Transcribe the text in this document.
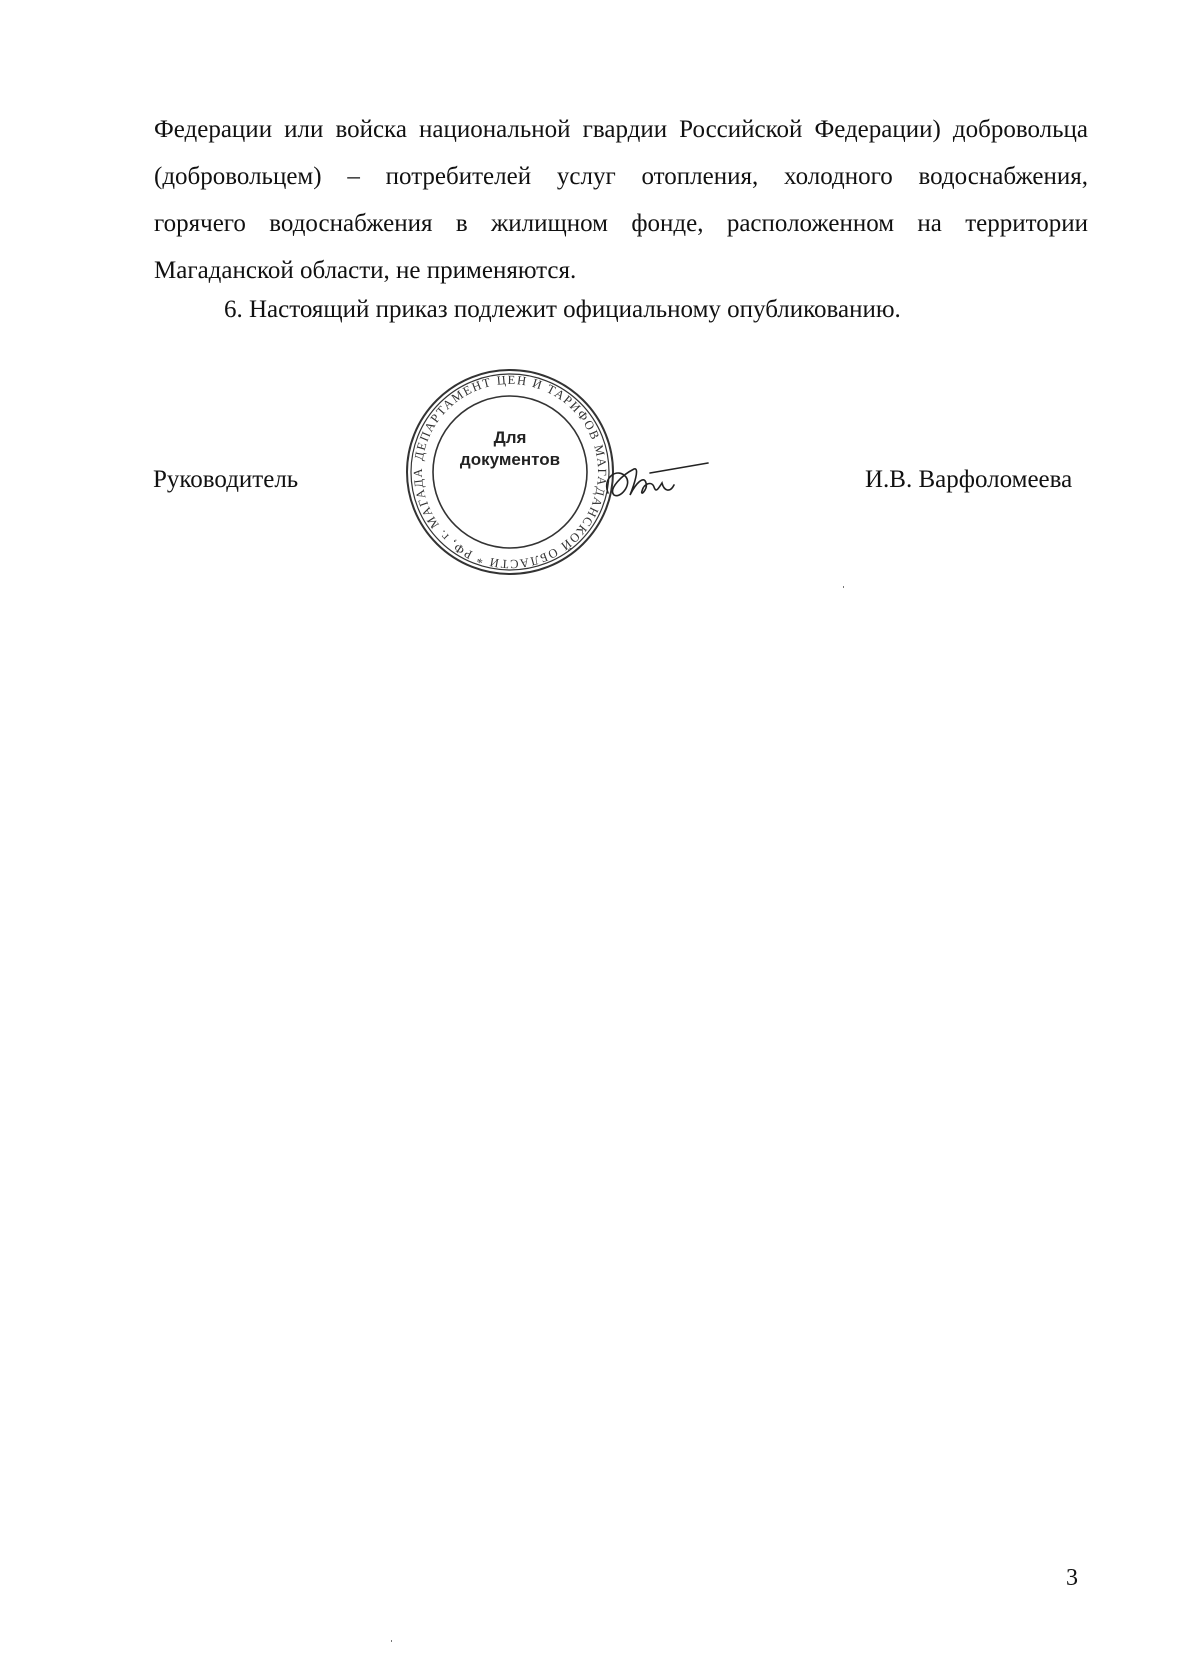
Федерации или войска национальной гвардии Российской Федерации) добровольца

(добровольцем) – потребителей услуг отопления, холодного водоснабжения,

горячего водоснабжения в жилищном фонде, расположенном на территории

Магаданской области, не применяются.

6. Настоящий приказ подлежит официальному опубликованию.

Руководитель

ДЕПАРТАМЕНТ ЦЕН И ТАРИФОВ МАГАДАНСКОЙ ОБЛАСТИ * РФ, г. МАГАДА
Для
документов

И.В. Варфоломеева

3
